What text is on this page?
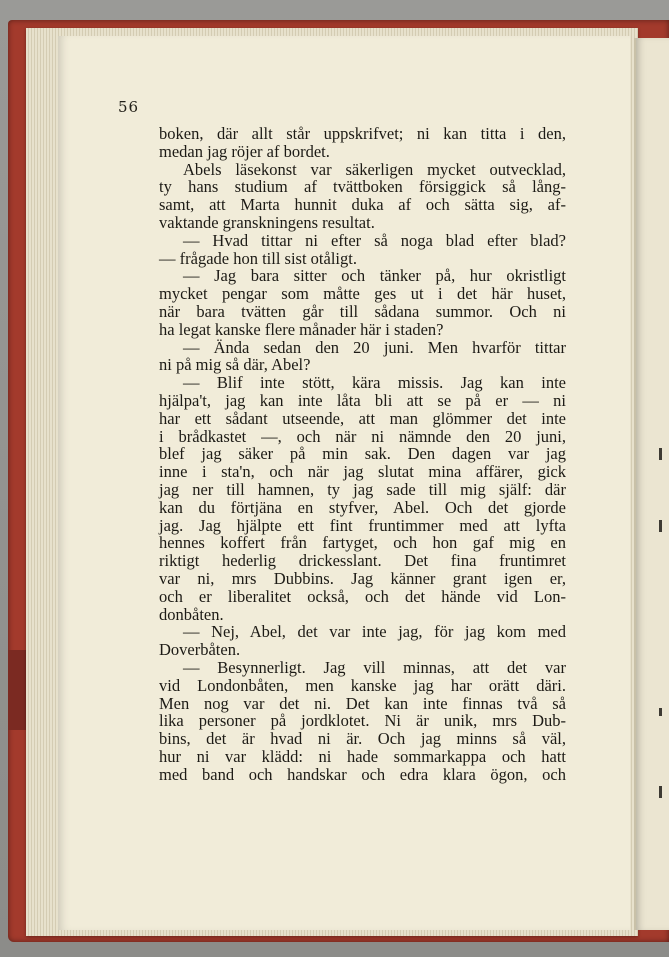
56
boken, där allt står uppskrifvet; ni kan titta i den,
medan jag röjer af bordet.
Abels läsekonst var säkerligen mycket outvecklad,
ty hans studium af tvättboken försiggick så lång-
samt, att Marta hunnit duka af och sätta sig, af-
vaktande granskningens resultat.
— Hvad tittar ni efter så noga blad efter blad?
— frågade hon till sist otåligt.
— Jag bara sitter och tänker på, hur okristligt
mycket pengar som måtte ges ut i det här huset,
när bara tvätten går till sådana summor. Och ni
ha legat kanske flere månader här i staden?
— Ända sedan den 20 juni. Men hvarför tittar
ni på mig så där, Abel?
— Blif inte stött, kära missis. Jag kan inte
hjälpa't, jag kan inte låta bli att se på er — ni
har ett sådant utseende, att man glömmer det inte
i brådkastet —, och när ni nämnde den 20 juni,
blef jag säker på min sak. Den dagen var jag
inne i sta'n, och när jag slutat mina affärer, gick
jag ner till hamnen, ty jag sade till mig själf: där
kan du förtjäna en styfver, Abel. Och det gjorde
jag. Jag hjälpte ett fint fruntimmer med att lyfta
hennes koffert från fartyget, och hon gaf mig en
riktigt hederlig drickesslant. Det fina fruntimret
var ni, mrs Dubbins. Jag känner grant igen er,
och er liberalitet också, och det hände vid Lon-
donbåten.
— Nej, Abel, det var inte jag, för jag kom med
Doverbåten.
— Besynnerligt. Jag vill minnas, att det var
vid Londonbåten, men kanske jag har orätt däri.
Men nog var det ni. Det kan inte finnas två så
lika personer på jordklotet. Ni är unik, mrs Dub-
bins, det är hvad ni är. Och jag minns så väl,
hur ni var klädd: ni hade sommarkappa och hatt
med band och handskar och edra klara ögon, och
